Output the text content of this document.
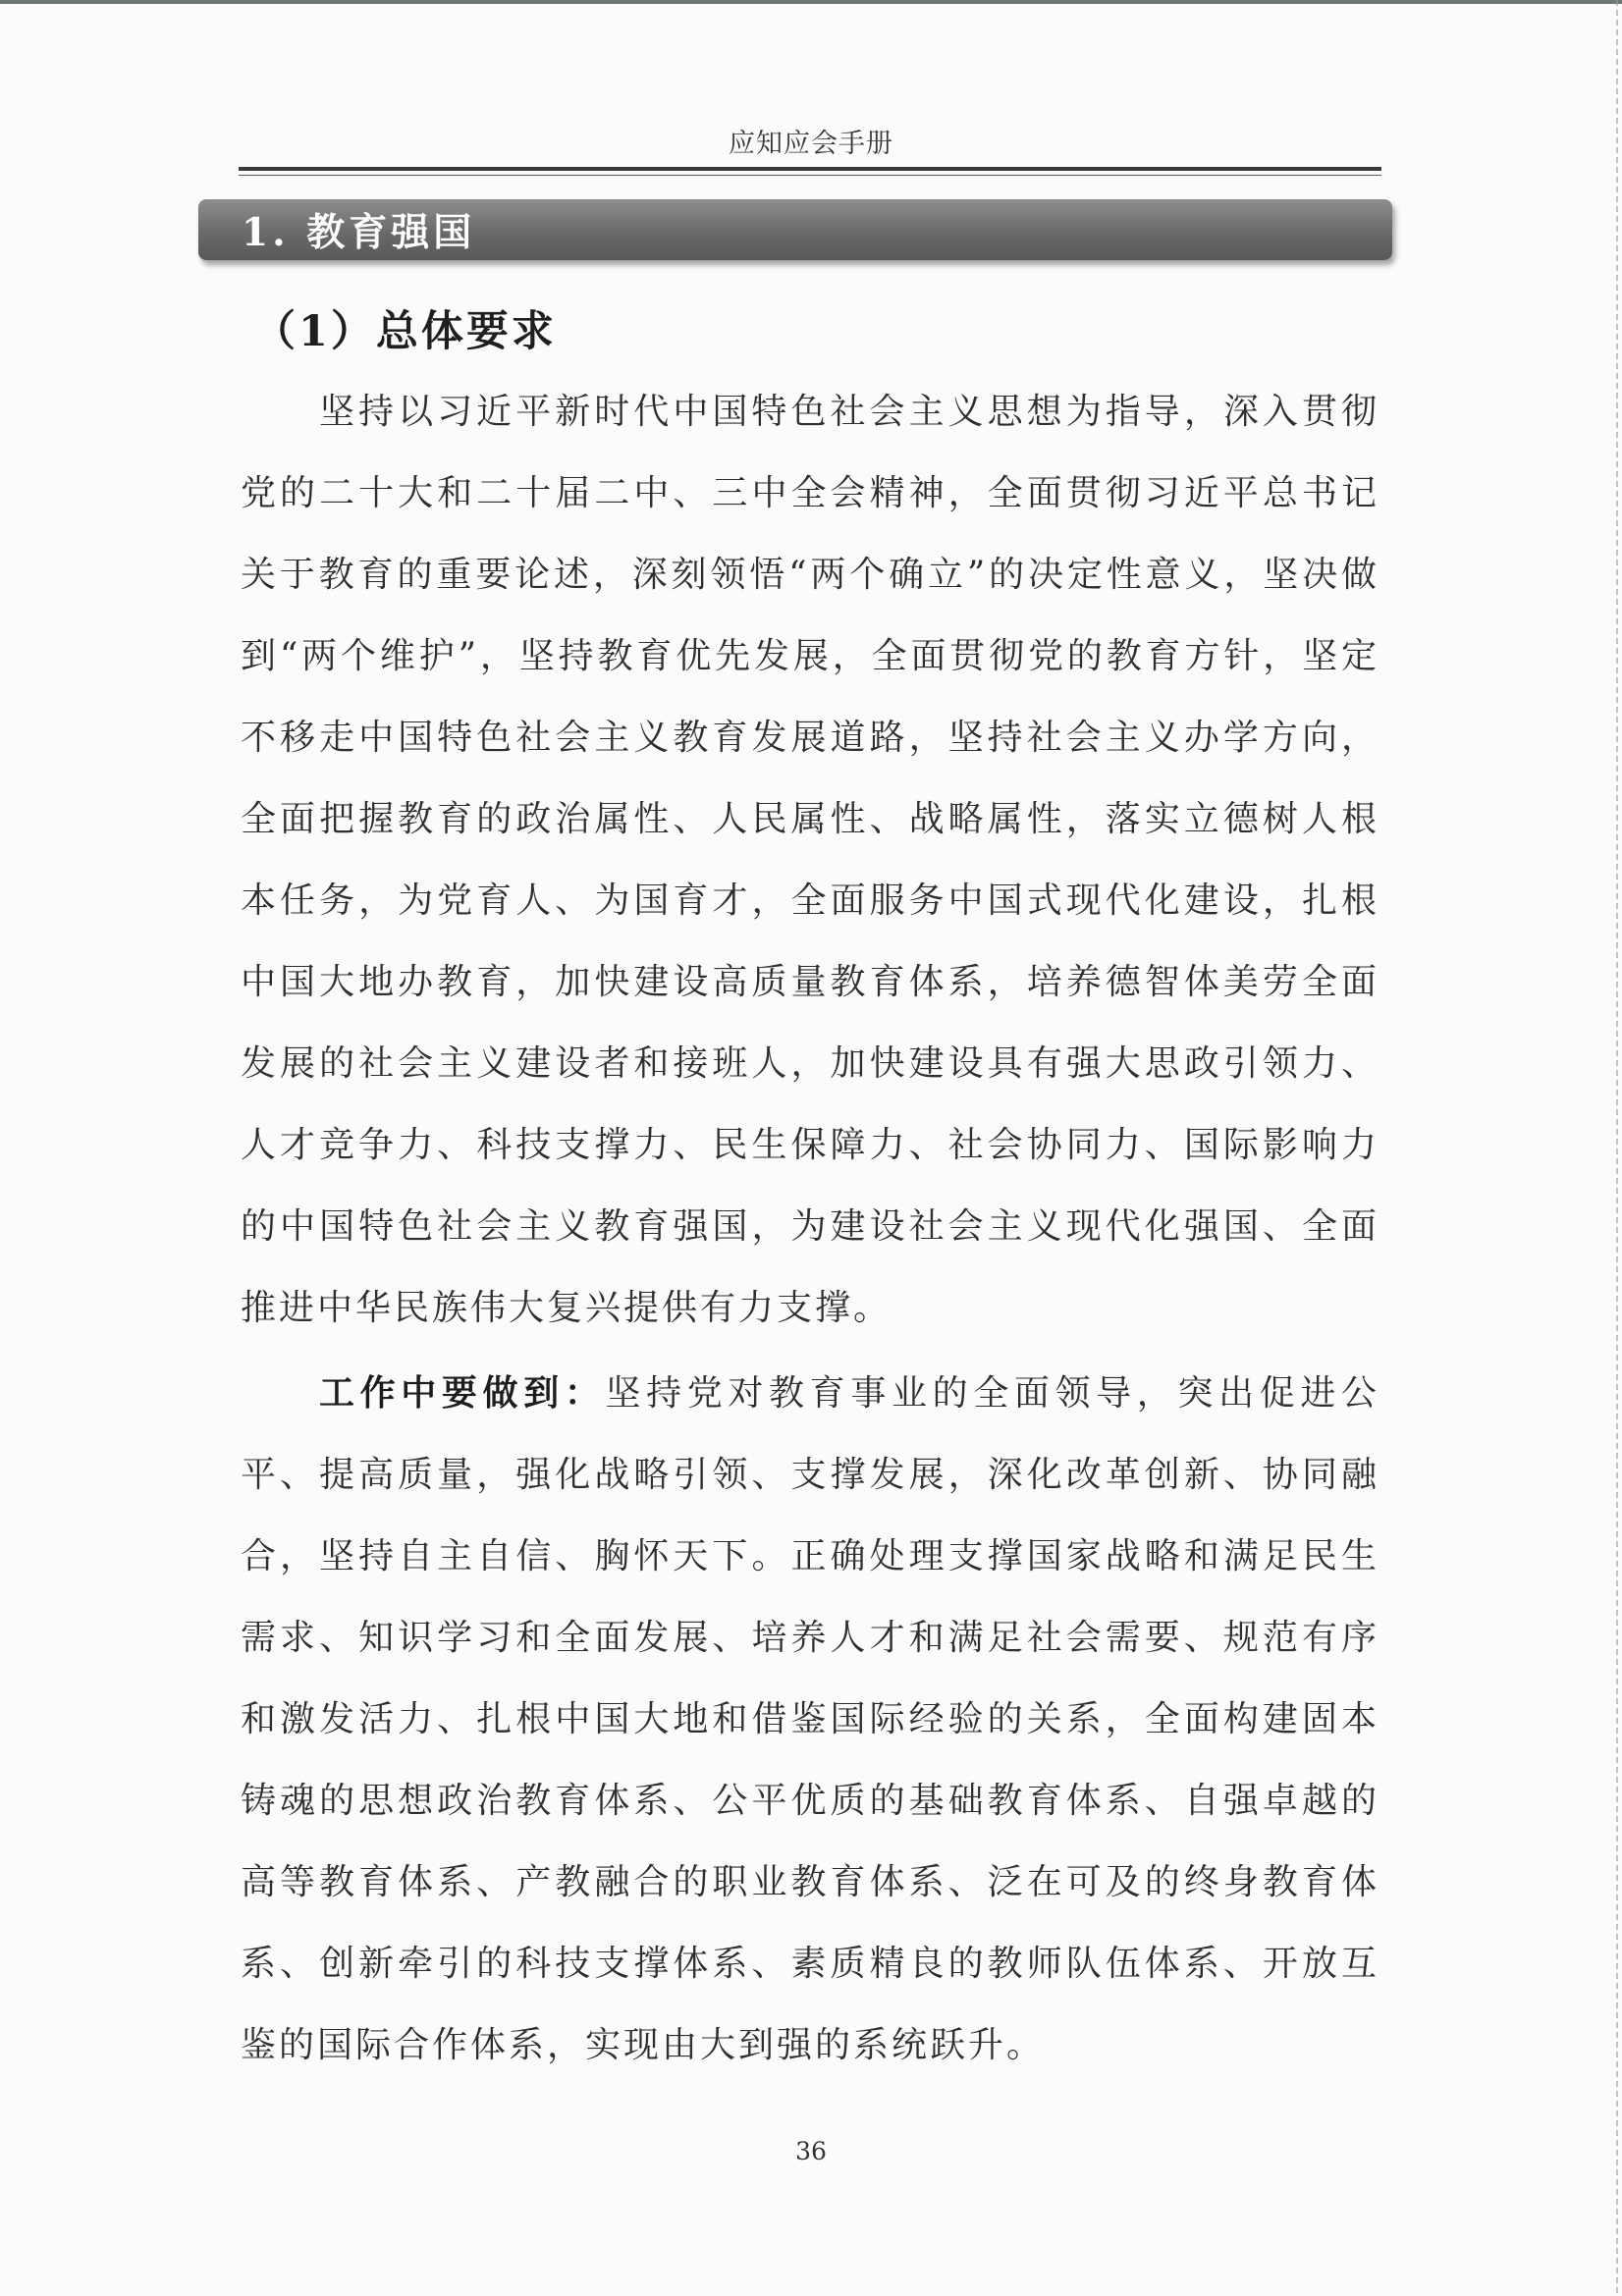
应知应会手册
1. 教育强国
（1）总体要求

坚持以习近平新时代中国特色社会主义思想为指导，深入贯彻党的二十大和二十届二中、三中全会精神，全面贯彻习近平总书记关于教育的重要论述，深刻领悟“两个确立”的决定性意义，坚决做到“两个维护”，坚持教育优先发展，全面贯彻党的教育方针，坚定不移走中国特色社会主义教育发展道路，坚持社会主义办学方向，全面把握教育的政治属性、人民属性、战略属性，落实立德树人根本任务，为党育人、为国育才，全面服务中国式现代化建设，扎根中国大地办教育，加快建设高质量教育体系，培养德智体美劳全面发展的社会主义建设者和接班人，加快建设具有强大思政引领力、人才竞争力、科技支撑力、民生保障力、社会协同力、国际影响力的中国特色社会主义教育强国，为建设社会主义现代化强国、全面推进中华民族伟大复兴提供有力支撑。

工作中要做到：坚持党对教育事业的全面领导，突出促进公平、提高质量，强化战略引领、支撑发展，深化改革创新、协同融合，坚持自主自信、胸怀天下。正确处理支撑国家战略和满足民生需求、知识学习和全面发展、培养人才和满足社会需要、规范有序和激发活力、扎根中国大地和借鉴国际经验的关系，全面构建固本铸魂的思想政治教育体系、公平优质的基础教育体系、自强卓越的高等教育体系、产教融合的职业教育体系、泛在可及的终身教育体系、创新牵引的科技支撑体系、素质精良的教师队伍体系、开放互鉴的国际合作体系，实现由大到强的系统跃升。

36
